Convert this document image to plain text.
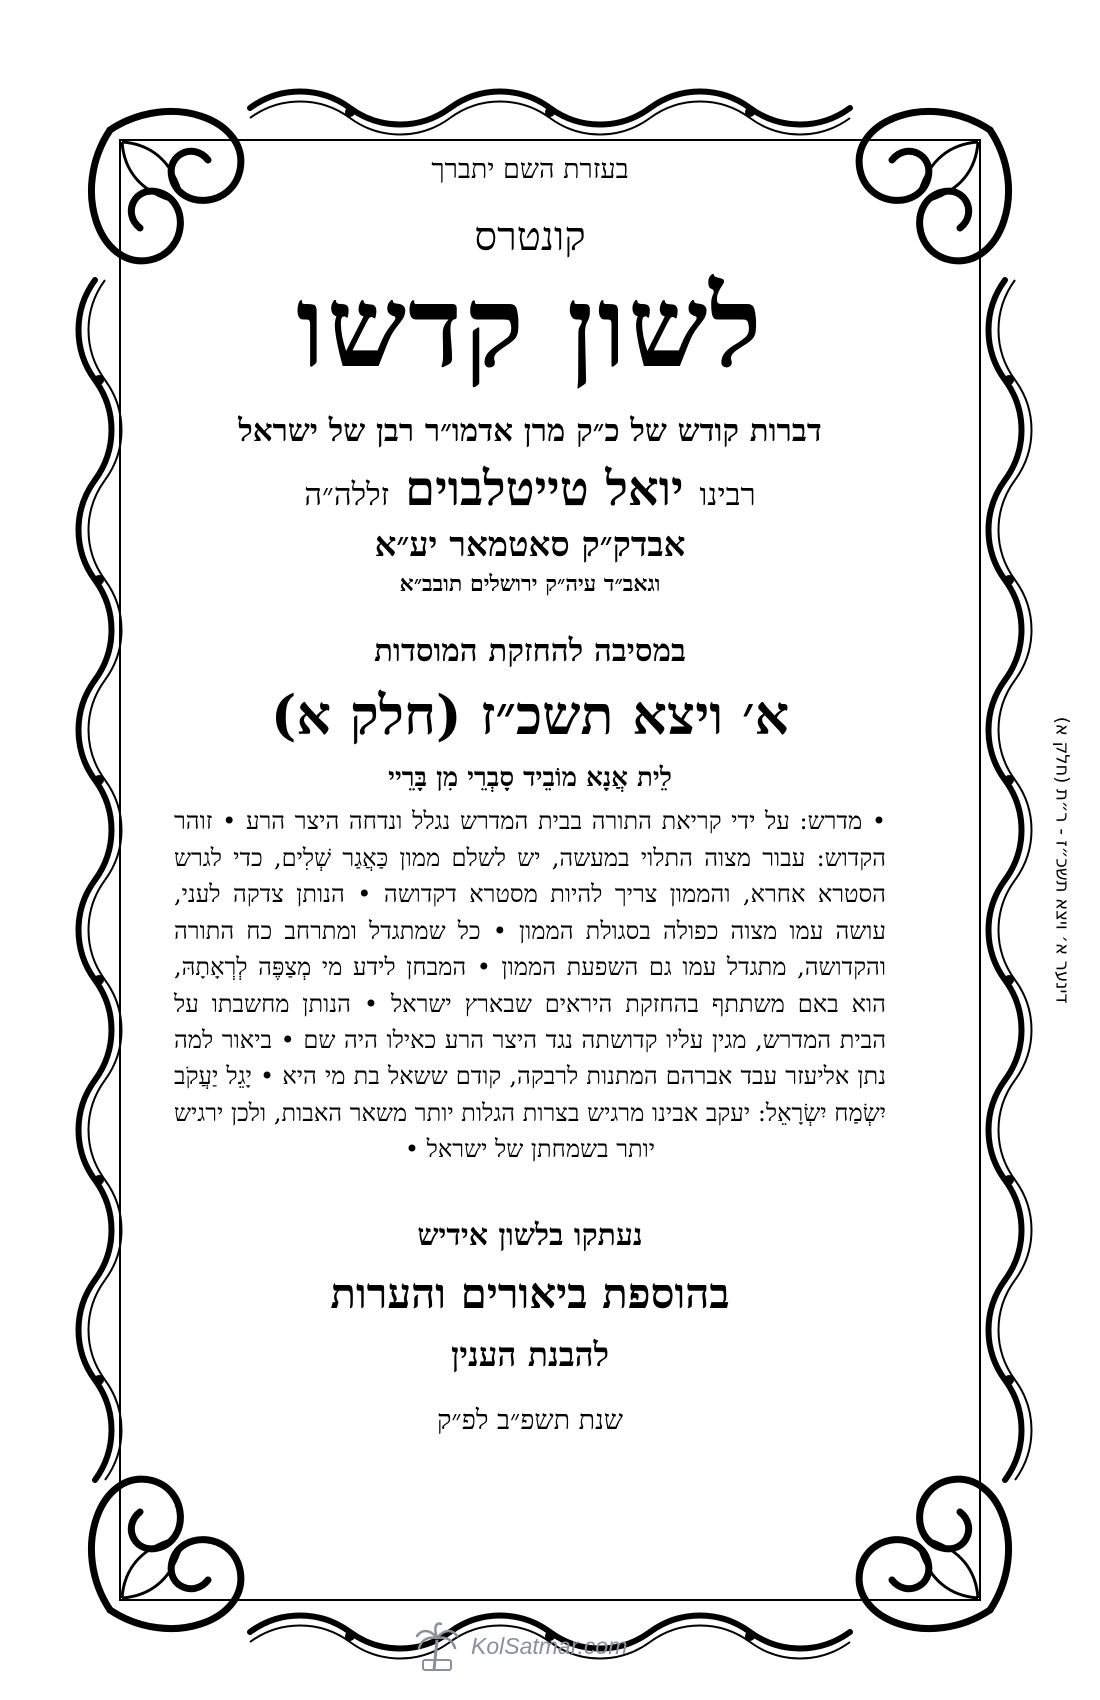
בעזרת השם יתברך

קונטרס

לשון קדשו

דברות קודש של כ״ק מרן אדמו״ר רבן של ישראל

רבינו יואל טייטלבוים זללה״ה

אבדק״ק סאטמאר יע״א

וגאב״ד עיה״ק ירושלים תובב״א

במסיבה להחזקת המוסדות

א׳ ויצא תשכ״ז (חלק א)

לֵית אֲנָא מוֹבֵיד סָבְרֵי מִן בָּרֵיי

• מדרש: על ידי קריאת התורה בבית המדרש נגלל ונדחה היצר הרע • זוהר הקדוש: עבור מצוה התלוי במעשה, יש לשלם ממון כַּאֲגַר שְׁלִים, כדי לגרש הסטרא אחרא, והממון צריך להיות מסטרא דקדושה • הנותן צדקה לעני, עושה עמו מצוה כפולה בסגולת הממון • כל שמתגדל ומתרחב כח התורה והקדושה, מתגדל עמו גם השפעת הממון • המבחן לידע מי מְצַפֶּה לְרְאָתָהּ, הוא באם משתתף בהחזקת היראים שבארץ ישראל • הנותן מחשבתו על הבית המדרש, מגין עליו קדושתה נגד היצר הרע כאילו היה שם • ביאור למה נתן אליעזר עבד אברהם המתנות לרבקה, קודם ששאל בת מי היא • יָגֵל יַעֲקֹב יִשְׂמַח יִשְׂרָאֵל: יעקב אבינו מרגיש בצרות הגלות יותר משאר האבות, ולכן ירגיש יותר בשמחתן של ישראל •

נעתקו בלשון אידיש

בהוספת ביאורים והערות

להבנת הענין

שנת תשפ״ב לפ״ק

דינער א׳ ויצא תשכ״ז - ר״ת (חלק א)
KolSatmar.com
